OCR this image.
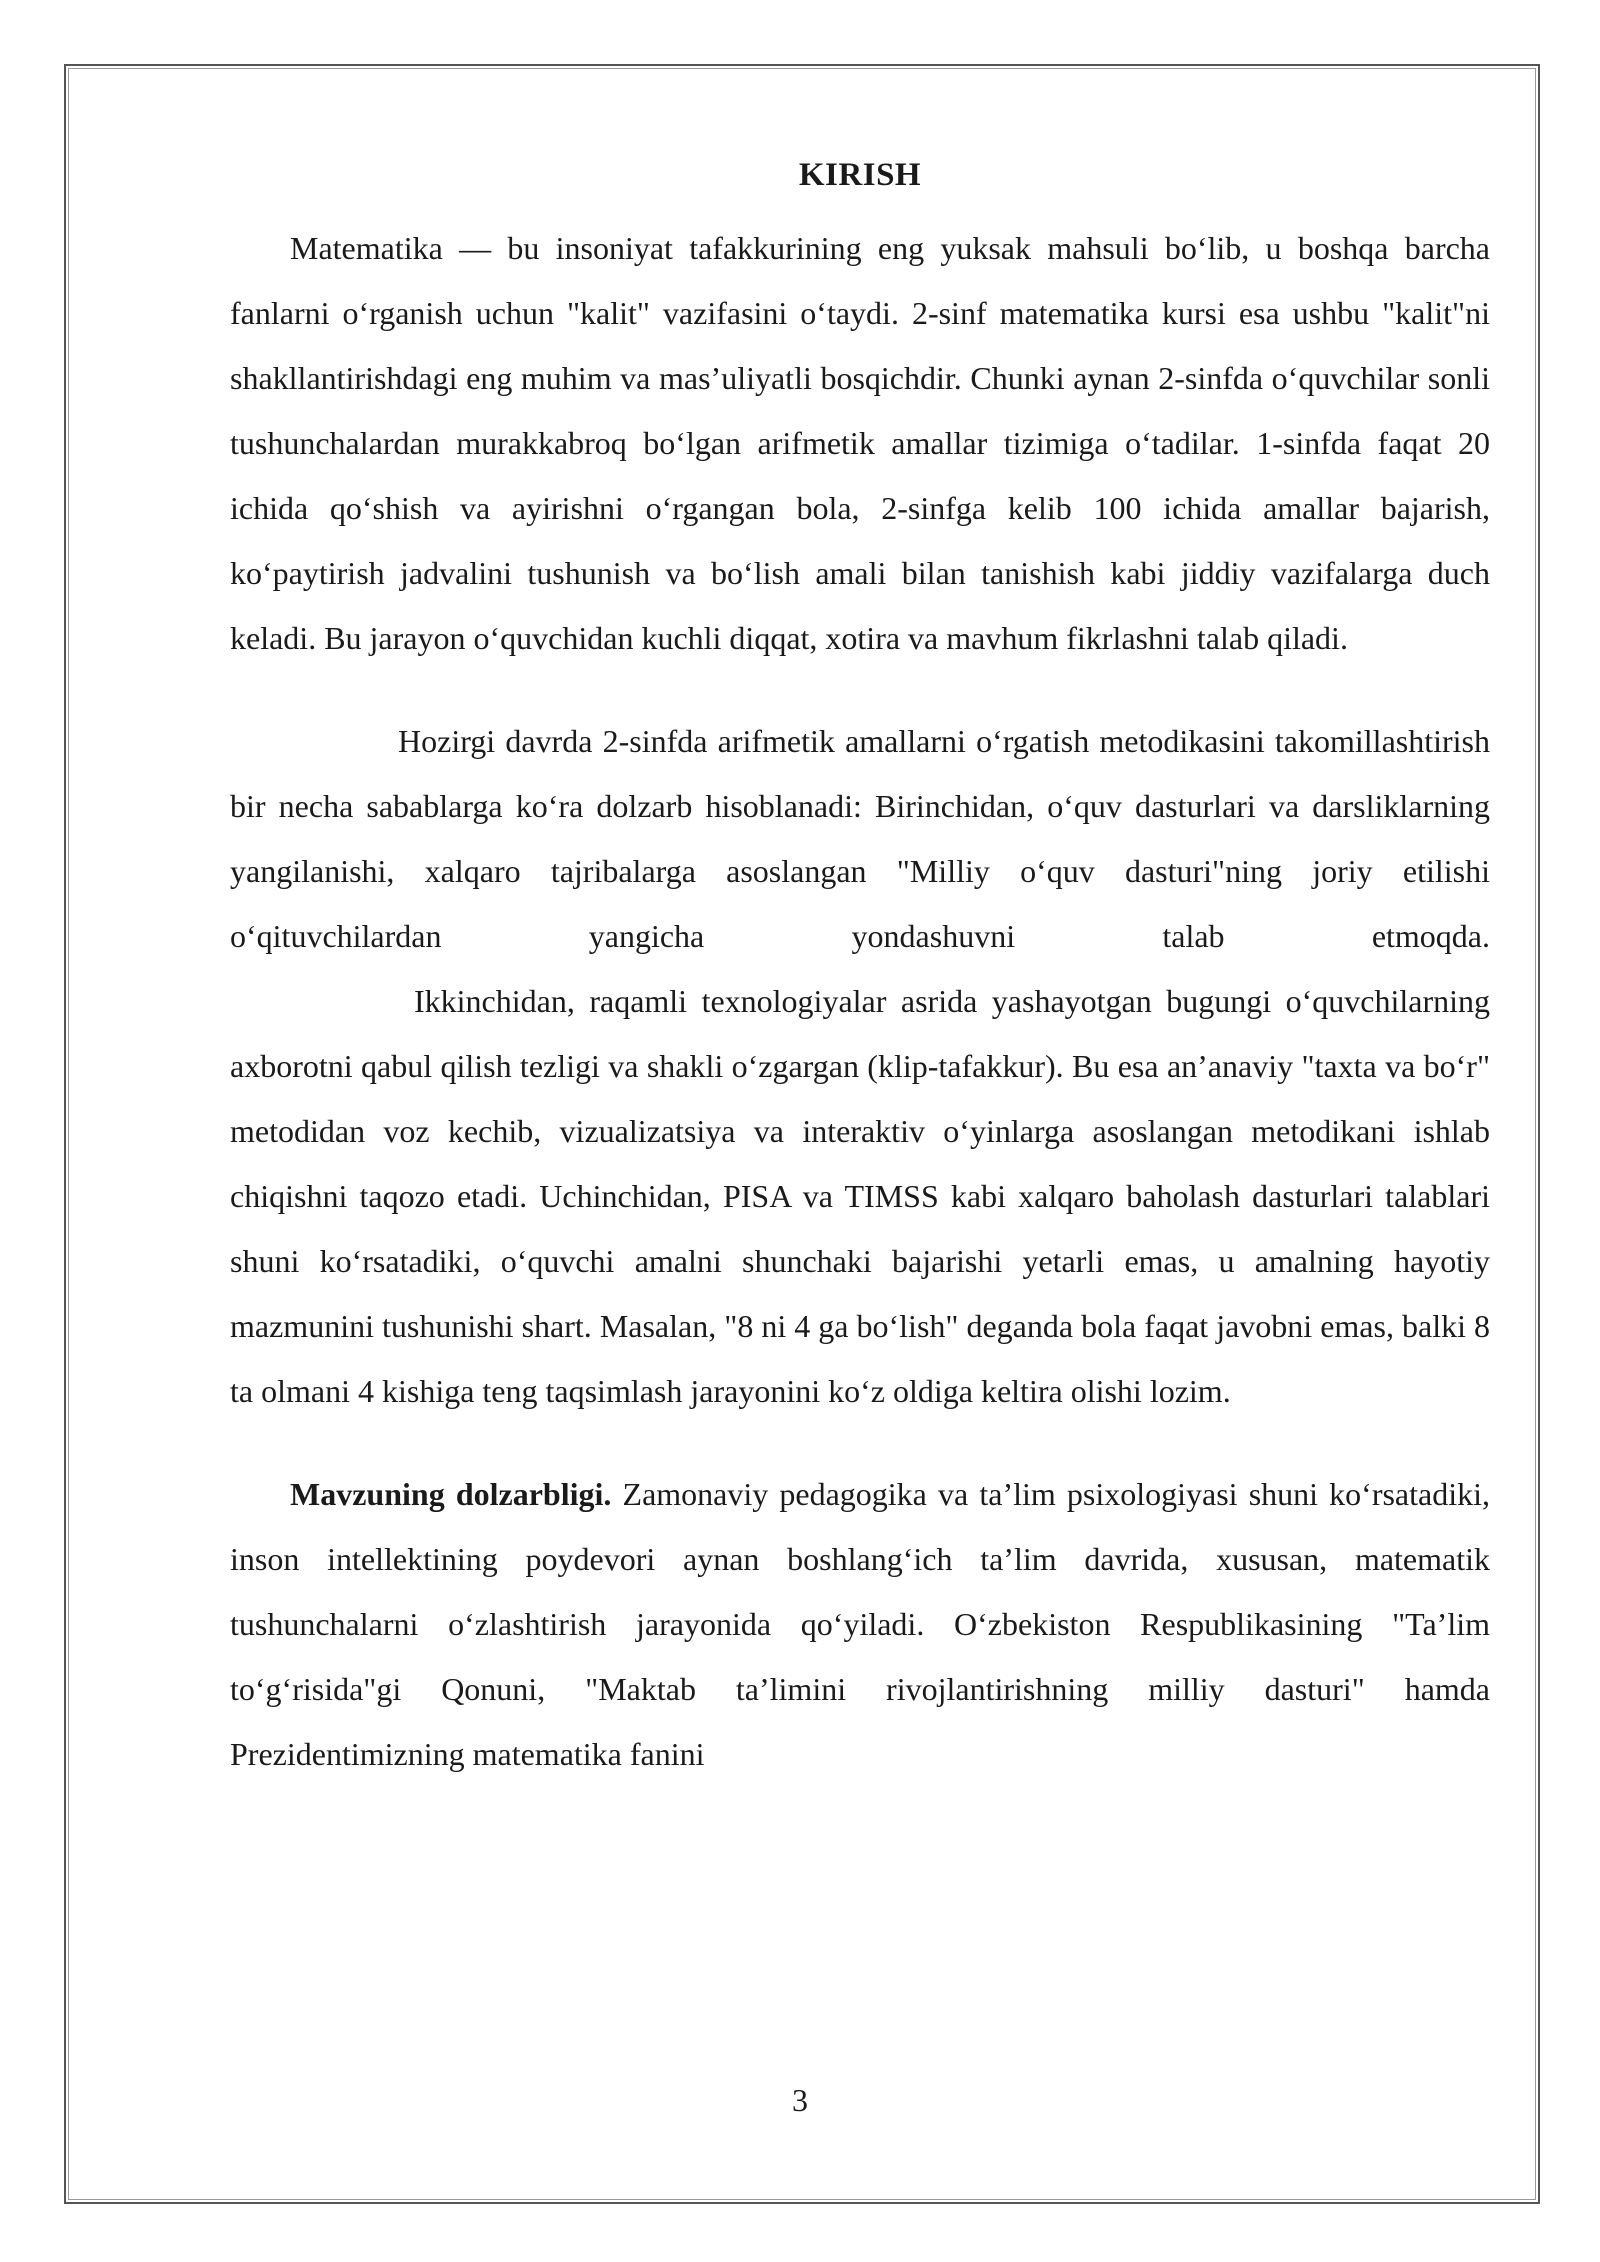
KIRISH

Matematika — bu insoniyat tafakkurining eng yuksak mahsuli bo‘lib, u boshqa barcha fanlarni o‘rganish uchun "kalit" vazifasini o‘taydi. 2-sinf matematika kursi esa ushbu "kalit"ni shakllantirishdagi eng muhim va mas’uliyatli bosqichdir. Chunki aynan 2-sinfda o‘quvchilar sonli tushunchalardan murakkabroq bo‘lgan arifmetik amallar tizimiga o‘tadilar. 1-sinfda faqat 20 ichida qo‘shish va ayirishni o‘rgangan bola, 2-sinfga kelib 100 ichida amallar bajarish, ko‘paytirish jadvalini tushunish va bo‘lish amali bilan tanishish kabi jiddiy vazifalarga duch keladi. Bu jarayon o‘quvchidan kuchli diqqat, xotira va mavhum fikrlashni talab qiladi.

Hozirgi davrda 2-sinfda arifmetik amallarni o‘rgatish metodikasini takomillashtirish bir necha sabablarga ko‘ra dolzarb hisoblanadi: Birinchidan, o‘quv dasturlari va darsliklarning yangilanishi, xalqaro tajribalarga asoslangan "Milliy o‘quv dasturi"ning joriy etilishi o‘qituvchilardan yangicha yondashuvni talab etmoqda.

Ikkinchidan, raqamli texnologiyalar asrida yashayotgan bugungi o‘quvchilarning axborotni qabul qilish tezligi va shakli o‘zgargan (klip-tafakkur). Bu esa an’anaviy "taxta va bo‘r" metodidan voz kechib, vizualizatsiya va interaktiv o‘yinlarga asoslangan metodikani ishlab chiqishni taqozo etadi. Uchinchidan, PISA va TIMSS kabi xalqaro baholash dasturlari talablari shuni ko‘rsatadiki, o‘quvchi amalni shunchaki bajarishi yetarli emas, u amalning hayotiy mazmunini tushunishi shart. Masalan, "8 ni 4 ga bo‘lish" deganda bola faqat javobni emas, balki 8 ta olmani 4 kishiga teng taqsimlash jarayonini ko‘z oldiga keltira olishi lozim.

Mavzuning dolzarbligi. Zamonaviy pedagogika va ta’lim psixologiyasi shuni ko‘rsatadiki, inson intellektining poydevori aynan boshlang‘ich ta’lim davrida, xususan, matematik tushunchalarni o‘zlashtirish jarayonida qo‘yiladi. O‘zbekiston Respublikasining "Ta’lim to‘g‘risida"gi Qonuni, "Maktab ta’limini rivojlantirishning milliy dasturi" hamda Prezidentimizning matematika fanini

3
